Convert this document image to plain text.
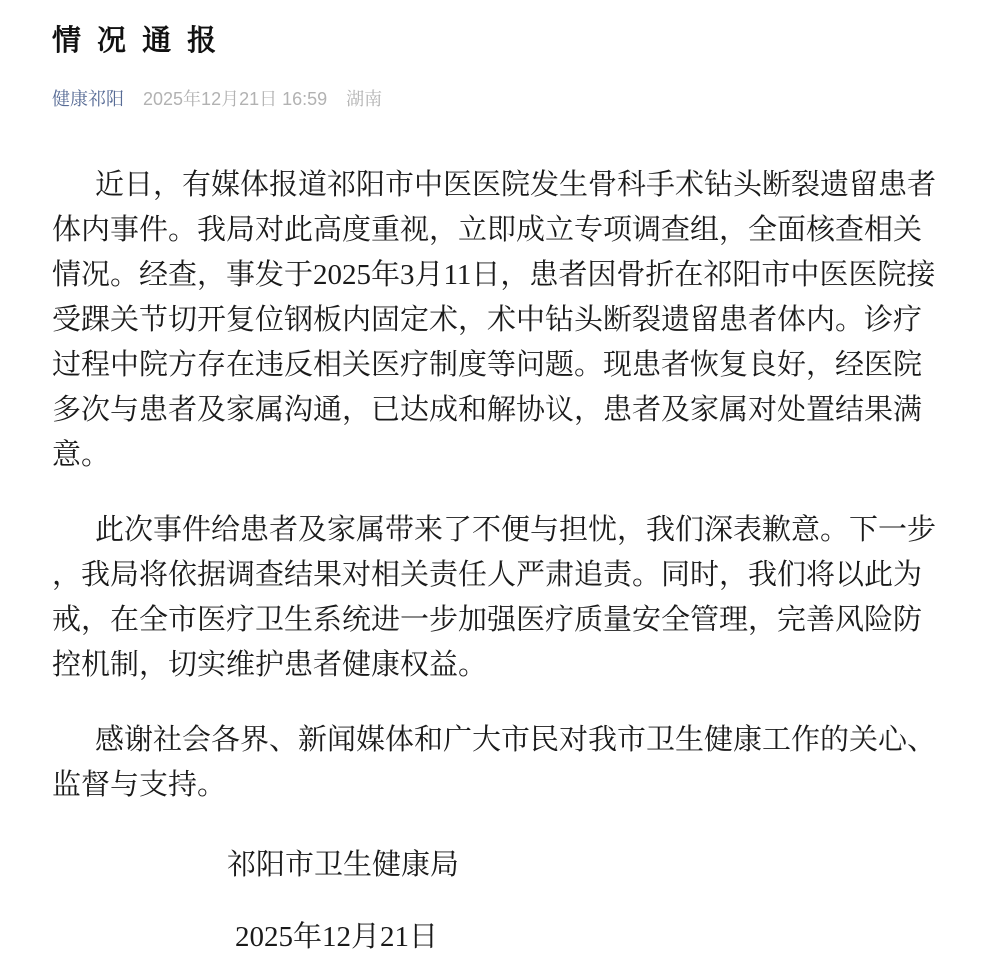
情 况 通 报
健康祁阳 2025年12月21日 16:59 湖南

近日，有媒体报道祁阳市中医医院发生骨科手术钻头断裂遗留患者体内事件。我局对此高度重视，立即成立专项调查组，全面核查相关情况。经查，事发于2025年3月11日，患者因骨折在祁阳市中医医院接受踝关节切开复位钢板内固定术，术中钻头断裂遗留患者体内。诊疗过程中院方存在违反相关医疗制度等问题。现患者恢复良好，经医院多次与患者及家属沟通，已达成和解协议，患者及家属对处置结果满意。

此次事件给患者及家属带来了不便与担忧，我们深表歉意。下一步，我局将依据调查结果对相关责任人严肃追责。同时，我们将以此为戒，在全市医疗卫生系统进一步加强医疗质量安全管理，完善风险防控机制，切实维护患者健康权益。

感谢社会各界、新闻媒体和广大市民对我市卫生健康工作的关心、监督与支持。

祁阳市卫生健康局
2025年12月21日
